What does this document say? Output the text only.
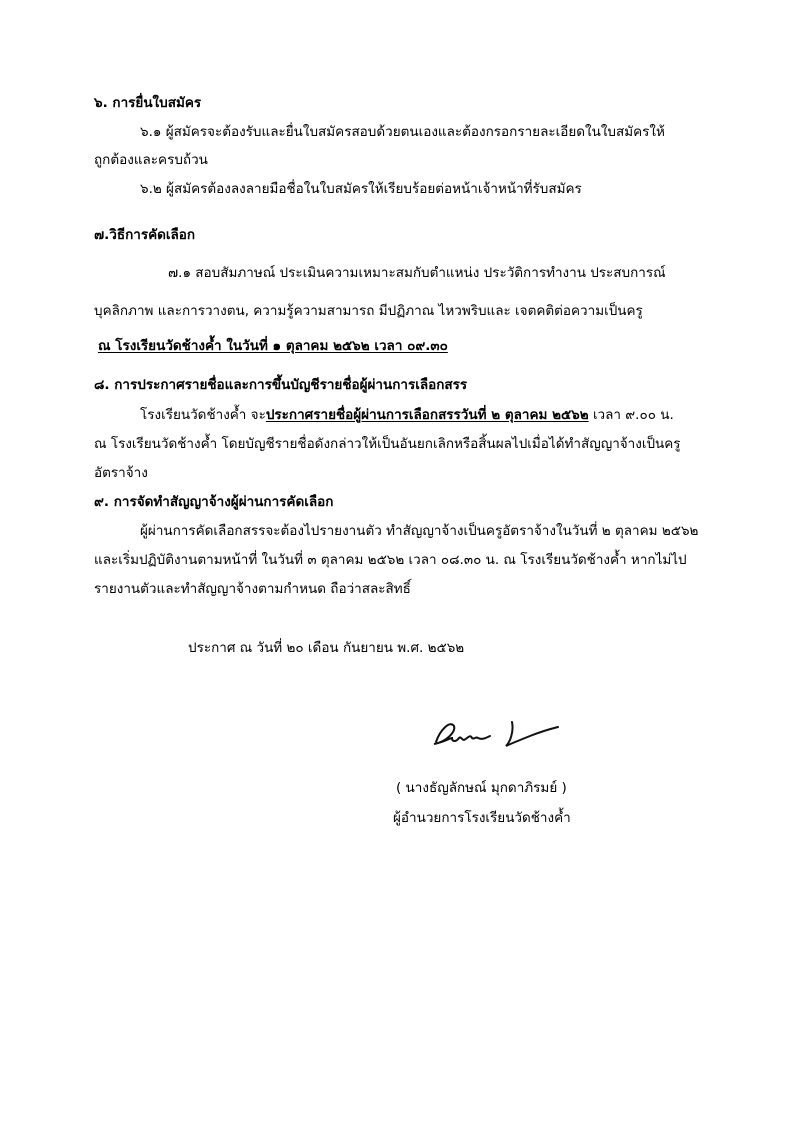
๖. การยื่นใบสมัคร
๖.๑ ผู้สมัครจะต้องรับและยื่นใบสมัครสอบด้วยตนเองและต้องกรอกรายละเอียดในใบสมัครให้
ถูกต้องและครบถ้วน
๖.๒ ผู้สมัครต้องลงลายมือชื่อในใบสมัครให้เรียบร้อยต่อหน้าเจ้าหน้าที่รับสมัคร
๗.วิธีการคัดเลือก
๗.๑ สอบสัมภาษณ์ ประเมินความเหมาะสมกับตำแหน่ง ประวัติการทำงาน ประสบการณ์
บุคลิกภาพ และการวางตน, ความรู้ความสามารถ มีปฏิภาณ ไหวพริบและ เจตคติต่อความเป็นครู
ณ โรงเรียนวัดช้างค้ำ ในวันที่ ๑ ตุลาคม ๒๕๖๒ เวลา ๐๙.๓๐
๘. การประกาศรายชื่อและการขึ้นบัญชีรายชื่อผู้ผ่านการเลือกสรร
โรงเรียนวัดช้างค้ำ จะประกาศรายชื่อผู้ผ่านการเลือกสรรวันที่ ๒ ตุลาคม ๒๕๖๒ เวลา ๙.๐๐ น.
ณ โรงเรียนวัดช้างค้ำ โดยบัญชีรายชื่อดังกล่าวให้เป็นอันยกเลิกหรือสิ้นผลไปเมื่อได้ทำสัญญาจ้างเป็นครู
อัตราจ้าง
๙. การจัดทำสัญญาจ้างผู้ผ่านการคัดเลือก
ผู้ผ่านการคัดเลือกสรรจะต้องไปรายงานตัว ทำสัญญาจ้างเป็นครูอัตราจ้างในวันที่ ๒ ตุลาคม ๒๕๖๒
และเริ่มปฏิบัติงานตามหน้าที่ ในวันที่ ๓ ตุลาคม ๒๕๖๒ เวลา ๐๘.๓๐ น. ณ โรงเรียนวัดช้างค้ำ หากไม่ไป
รายงานตัวและทำสัญญาจ้างตามกำหนด ถือว่าสละสิทธิ์
ประกาศ ณ วันที่ ๒๐ เดือน กันยายน พ.ศ. ๒๕๖๒
( นางธัญลักษณ์ มุกดาภิรมย์ )
ผู้อำนวยการโรงเรียนวัดช้างค้ำ
